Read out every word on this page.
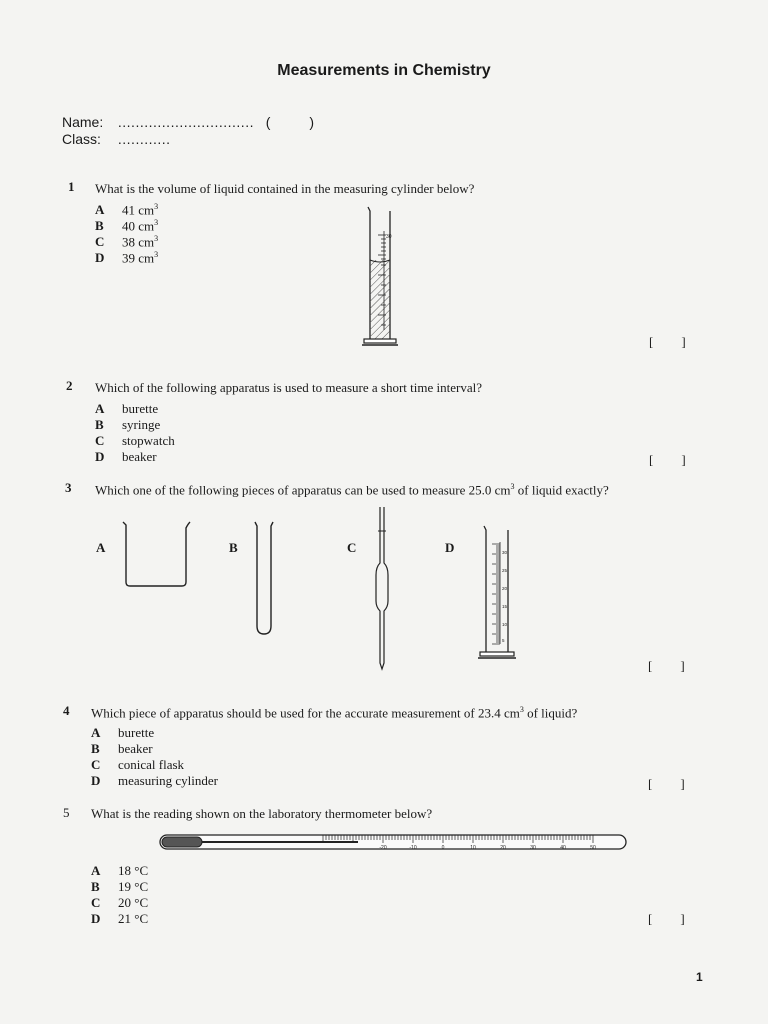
Measurements in Chemistry
Name: ............................... (          )
Class: ............
1 What is the volume of liquid contained in the measuring cylinder below?
A 41 $cm^3$
B 40 $cm^3$
C 38 $cm^3$
D 39 $cm^3$
30
[ ]
2 Which of the following apparatus is used to measure a short time interval?
A burette
B syringe
C stopwatch
D beaker	[ ]
3 Which one of the following pieces of apparatus can be used to measure 25.0 $cm^3$ of liquid exactly?
A	B	C	D	30
25
20
15
10
5
[ ]
4 Which piece of apparatus should be used for the accurate measurement of 23.4 $cm^3$ of liquid?
A burette
B beaker
C conical flask
D measuring cylinder	[ ]
5 What is the reading shown on the laboratory thermometer below?
-20	-10	0	10	20	30	40	50
A 18 °C
B 19 °C
C 20 °C
D 21 °C	[ ]
1
